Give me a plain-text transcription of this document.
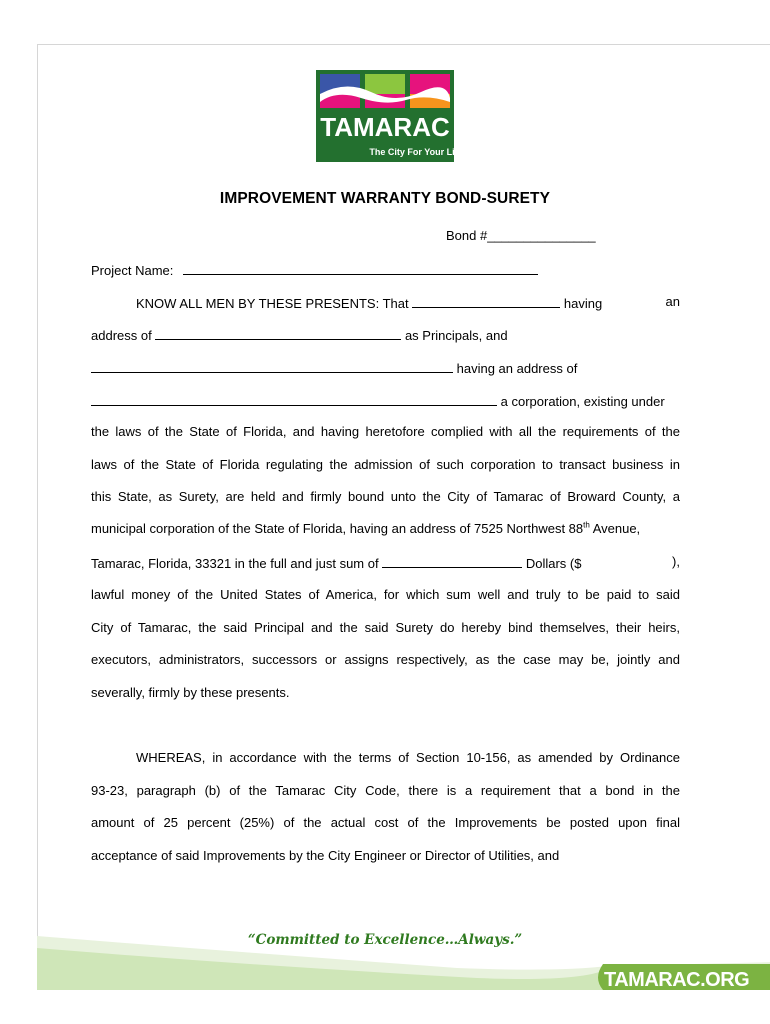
TAMARAC
The City For Your Life
IMPROVEMENT WARRANTY BOND-SURETY
Bond #_______________
Project Name:
KNOW ALL MEN BY THESE PRESENTS: That	having	an
address of	as Principals, and
having an address of
a corporation, existing under
the laws of the State of Florida, and having heretofore complied with all the requirements of the
laws of the State of Florida regulating the admission of such corporation to transact business in
this State, as Surety, are held and firmly bound unto the City of Tamarac of Broward County, a
municipal corporation of the State of Florida, having an address of 7525 Northwest 88th Avenue,
Tamarac, Florida, 33321 in the full and just sum of	Dollars ($	),
lawful money of the United States of America, for which sum well and truly to be paid to said
City of Tamarac, the said Principal and the said Surety do hereby bind themselves, their heirs,
executors, administrators, successors or assigns respectively, as the case may be, jointly and
severally, firmly by these presents.
WHEREAS, in accordance with the terms of Section 10-156, as amended by Ordinance
93-23, paragraph (b) of the Tamarac City Code, there is a requirement that a bond in the
amount of 25 percent (25%) of the actual cost of the Improvements be posted upon final
acceptance of said Improvements by the City Engineer or Director of Utilities, and
“Committed to Excellence…Always.”
TAMARAC.ORG
